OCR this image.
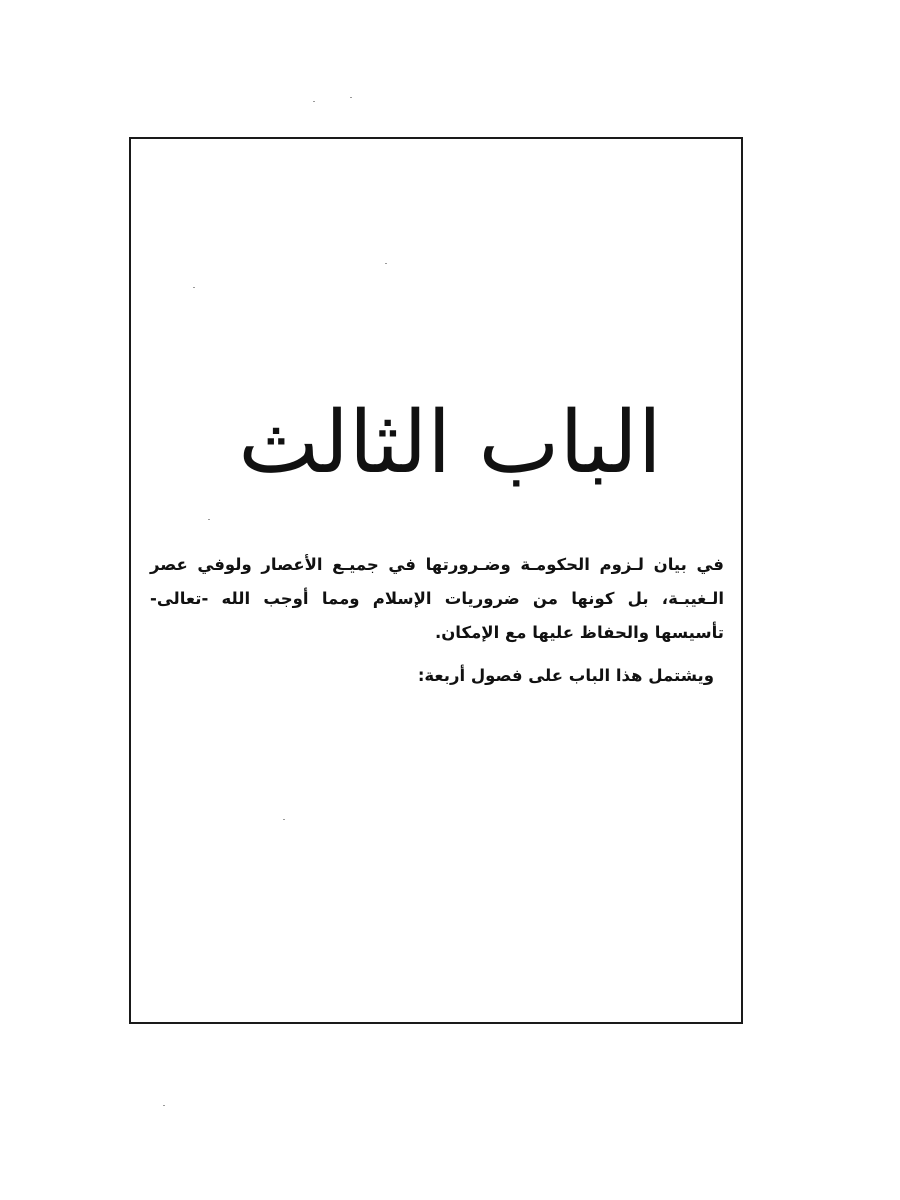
الباب الثالث

في بيان لـزوم الحكومـة وضـرورتها في جميـع الأعصار ولوفي عصر الـغيبـة، بل كونها من ضروريات الإسلام ومما أوجب الله -تعالى- تأسيسها والحفاظ عليها مع الإمكان.

ويشتمل هذا الباب على فصول أربعة:
